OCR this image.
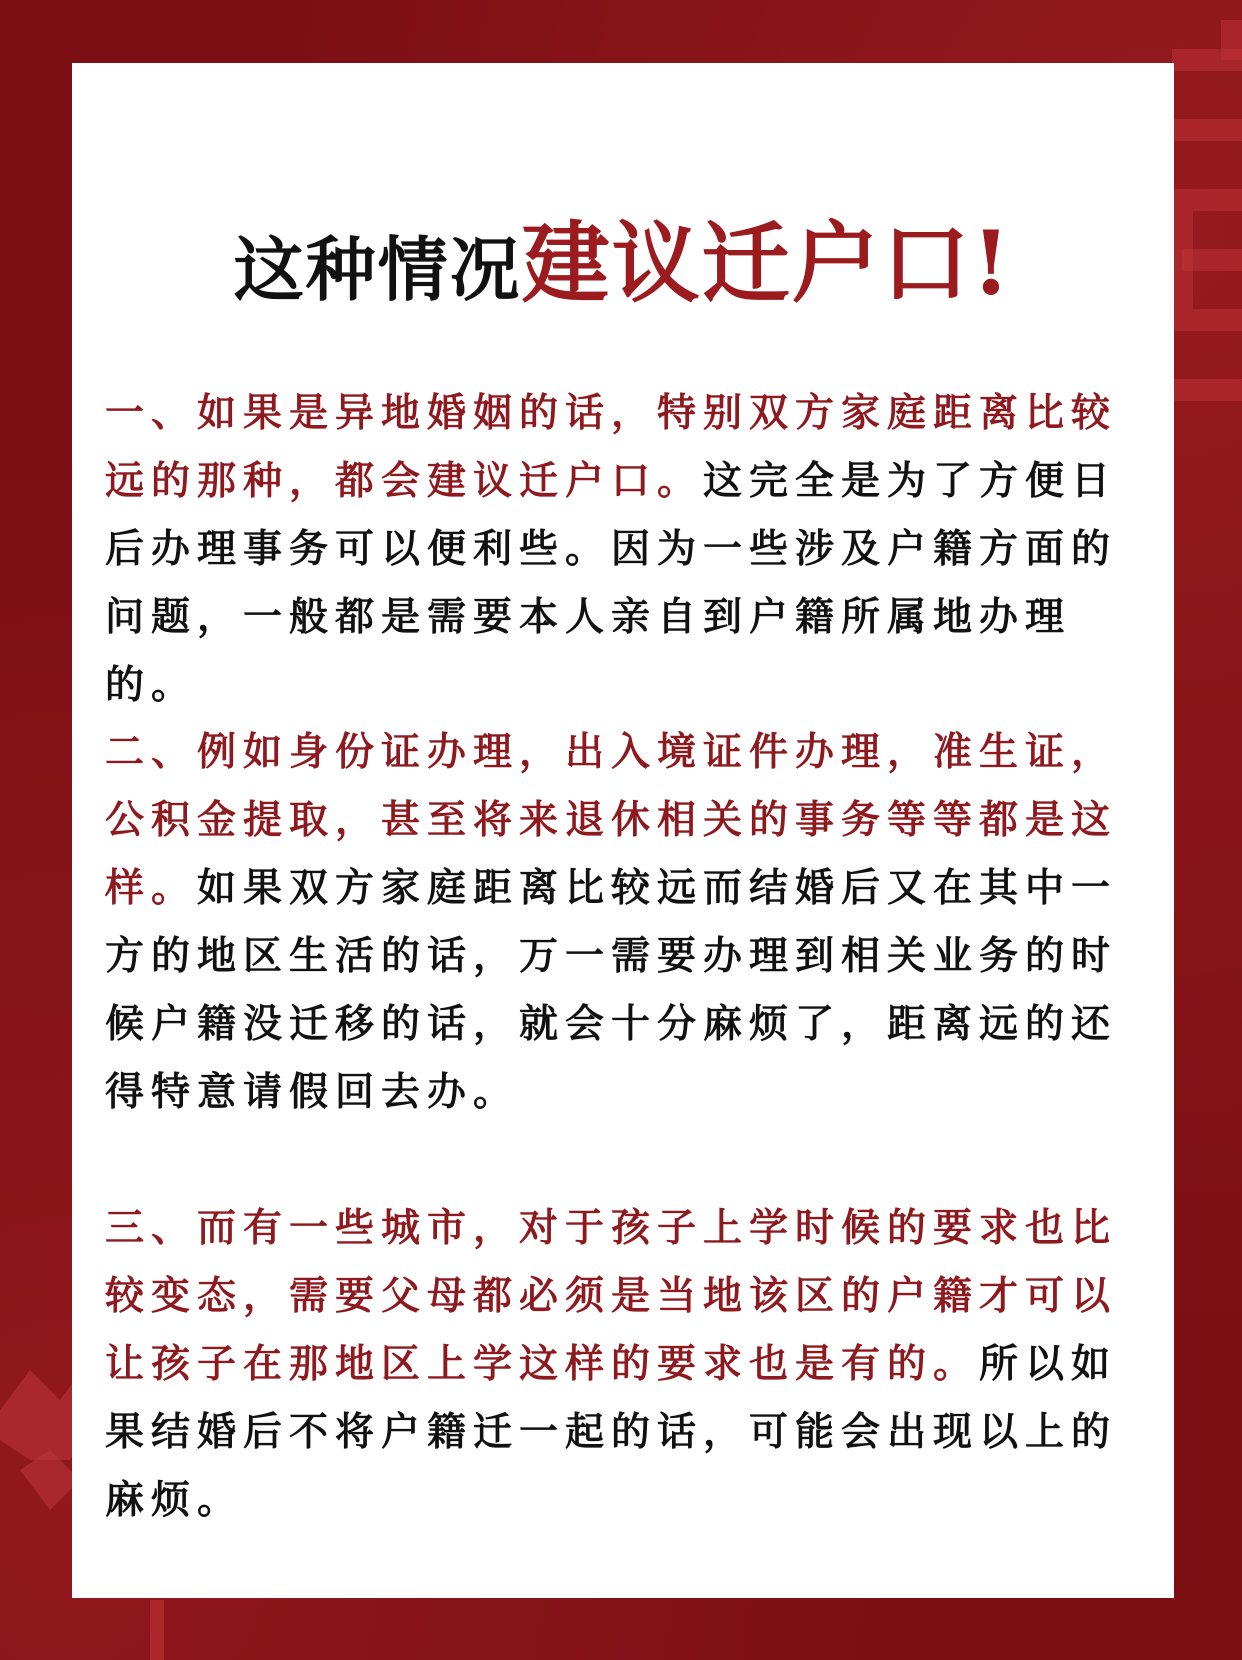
这种情况建议迁户口!

一、如果是异地婚姻的话，特别双方家庭距离比较远的那种，都会建议迁户口。这完全是为了方便日后办理事务可以便利些。因为一些涉及户籍方面的问题，一般都是需要本人亲自到户籍所属地办理的。

二、例如身份证办理，出入境证件办理，准生证，公积金提取，甚至将来退休相关的事务等等都是这样。如果双方家庭距离比较远而结婚后又在其中一方的地区生活的话，万一需要办理到相关业务的时候户籍没迁移的话，就会十分麻烦了，距离远的还得特意请假回去办。

三、而有一些城市，对于孩子上学时候的要求也比较变态，需要父母都必须是当地该区的户籍才可以让孩子在那地区上学这样的要求也是有的。所以如果结婚后不将户籍迁一起的话，可能会出现以上的麻烦。
